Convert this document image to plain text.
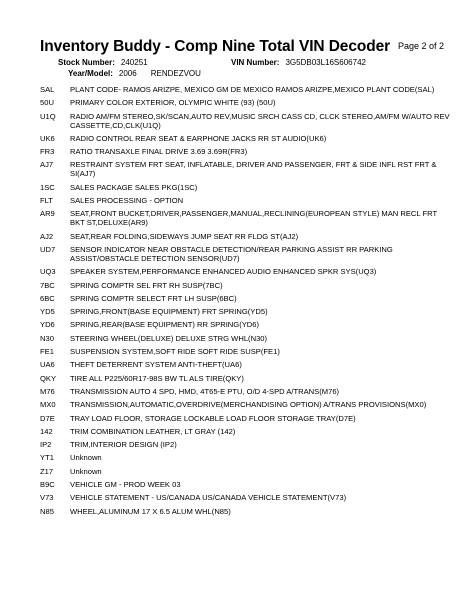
Inventory Buddy - Comp Nine Total VIN Decoder Page 2 of 2
Stock Number: 240251	VIN Number: 3G5DB03L16S606742
Year/Model: 2006 RENDEZVOU
SAL	PLANT CODE- RAMOS ARIZPE, MEXICO GM DE MEXICO RAMOS ARIZPE,MEXICO PLANT CODE(SAL)
50U	PRIMARY COLOR EXTERIOR, OLYMPIC WHITE (93) (50U)
U1Q	RADIO AM/FM STEREO,SK/SCAN,AUTO REV,MUSIC SRCH CASS CD, CLCK STEREO,AM/FM W/AUTO REV CASSETTE,CD,CLK(U1Q)
UK6	RADIO CONTROL REAR SEAT & EARPHONE JACKS RR ST AUDIO(UK6)
FR3	RATIO TRANSAXLE FINAL DRIVE 3.69 3.69R(FR3)
AJ7	RESTRAINT SYSTEM FRT SEAT, INFLATABLE, DRIVER AND PASSENGER, FRT & SIDE INFL RST FRT & SI(AJ7)
1SC	SALES PACKAGE SALES PKG(1SC)
FLT	SALES PROCESSING - OPTION
AR9	SEAT,FRONT BUCKET,DRIVER,PASSENGER,MANUAL,RECLINING(EUROPEAN STYLE) MAN RECL FRT BKT ST,DELUXE(AR9)
AJ2	SEAT,REAR FOLDING,SIDEWAYS JUMP SEAT RR FLDG ST(AJ2)
UD7	SENSOR INDICATOR NEAR OBSTACLE DETECTION/REAR PARKING ASSIST RR PARKING ASSIST/OBSTACLE DETECTION SENSOR(UD7)
UQ3	SPEAKER SYSTEM,PERFORMANCE ENHANCED AUDIO ENHANCED SPKR SYS(UQ3)
7BC	SPRING COMPTR SEL FRT RH SUSP(7BC)
6BC	SPRING COMPTR SELECT FRT LH SUSP(6BC)
YD5	SPRING,FRONT(BASE EQUIPMENT) FRT SPRING(YD5)
YD6	SPRING,REAR(BASE EQUIPMENT) RR SPRING(YD6)
N30	STEERING WHEEL(DELUXE) DELUXE STRG WHL(N30)
FE1	SUSPENSION SYSTEM,SOFT RIDE SOFT RIDE SUSP(FE1)
UA6	THEFT DETERRENT SYSTEM ANTI-THEFT(UA6)
QKY	TIRE ALL P225/60R17-98S BW TL ALS TIRE(QKY)
M76	TRANSMISSION AUTO 4 SPD, HMD, 4T65-E PTU, O/D 4-SPD A/TRANS(M76)
MX0	TRANSMISSION,AUTOMATIC,OVERDRIVE(MERCHANDISING OPTION) A/TRANS PROVISIONS(MX0)
D7E	TRAY LOAD FLOOR, STORAGE LOCKABLE LOAD FLOOR STORAGE TRAY(D7E)
142	TRIM COMBINATION LEATHER, LT GRAY (142)
IP2	TRIM,INTERIOR DESIGN (IP2)
YT1	Unknown
Z17	Unknown
B9C	VEHICLE GM - PROD WEEK 03
V73	VEHICLE STATEMENT - US/CANADA US/CANADA VEHICLE STATEMENT(V73)
N85	WHEEL,ALUMINUM 17 X 6.5 ALUM WHL(N85)
